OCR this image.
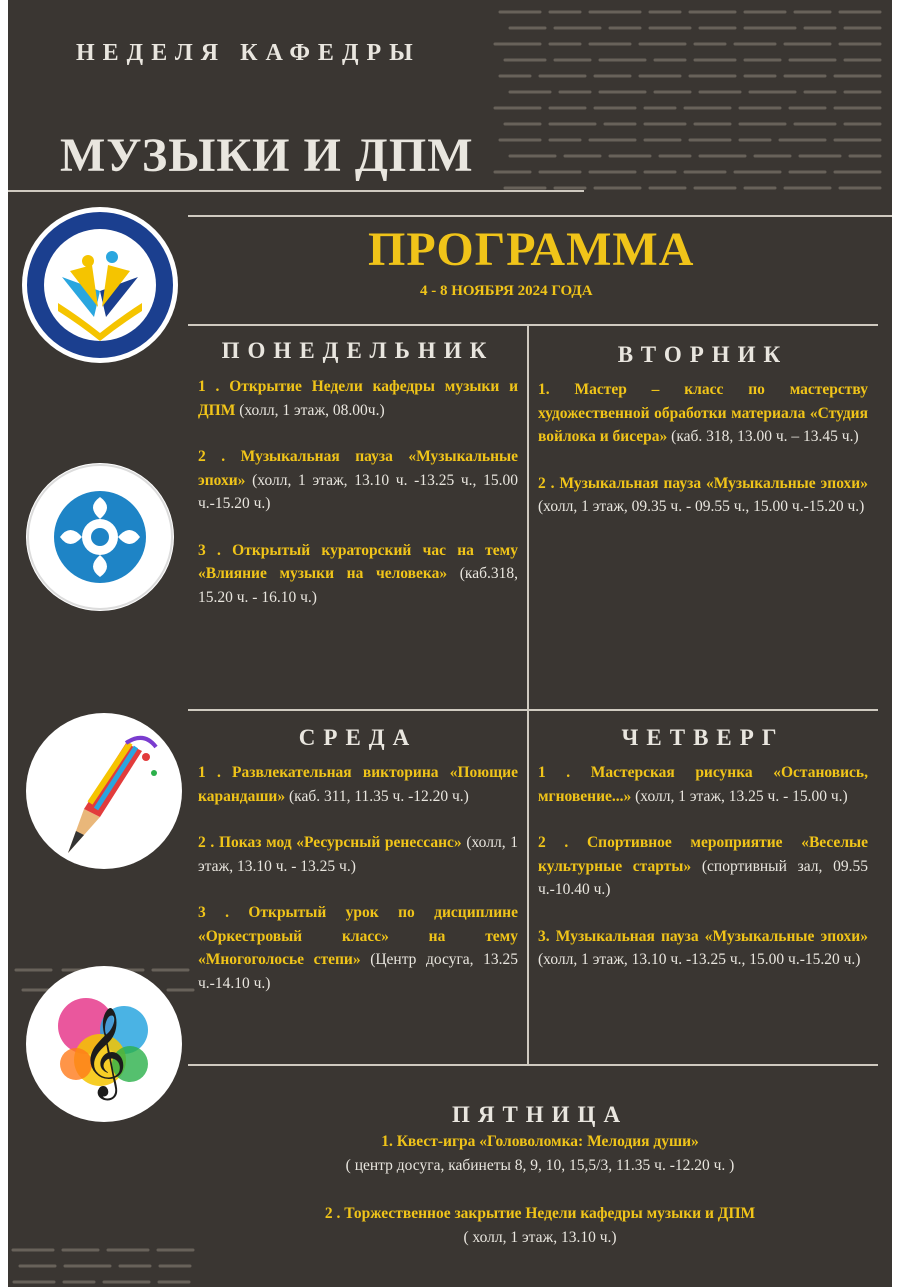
НЕДЕЛЯ КАФЕДРЫ
МУЗЫКИ И ДПМ
ПРОГРАММА
4 - 8 НОЯБРЯ 2024 ГОДА
𝄞
ПОНЕДЕЛЬНИК
1 . Открытие Недели кафедры музыки и ДПМ (холл, 1 этаж, 08.00ч.)
2 . Музыкальная пауза «Музыкальные эпохи» (холл, 1 этаж, 13.10 ч. -13.25 ч., 15.00 ч.-15.20 ч.)
3 . Открытый кураторский час на тему «Влияние музыки на человека» (каб.318, 15.20 ч. - 16.10 ч.)
ВТОРНИК
1. Мастер – класс по мастерству художественной обработки материала «Студия войлока и бисера» (каб. 318, 13.00 ч. – 13.45 ч.)
2 . Музыкальная пауза «Музыкальные эпохи» (холл, 1 этаж, 09.35 ч. - 09.55 ч., 15.00 ч.-15.20 ч.)
СРЕДА
1 . Развлекательная викторина «Поющие карандаши» (каб. 311, 11.35 ч. -12.20 ч.)
2 . Показ мод «Ресурсный ренессанс» (холл, 1 этаж, 13.10 ч. - 13.25 ч.)
3 . Открытый урок по дисциплине «Оркестровый класс» на тему «Многоголосье степи» (Центр досуга, 13.25 ч.-14.10 ч.)
ЧЕТВЕРГ
1 . Мастерская рисунка «Остановись, мгновение...» (холл, 1 этаж, 13.25 ч. - 15.00 ч.)
2 . Спортивное мероприятие «Веселые культурные старты» (спортивный зал, 09.55 ч.-10.40 ч.)
3. Музыкальная пауза «Музыкальные эпохи» (холл, 1 этаж, 13.10 ч. -13.25 ч., 15.00 ч.-15.20 ч.)
ПЯТНИЦА
1. Квест-игра «Головоломка: Мелодия души»
( центр досуга, кабинеты 8, 9, 10, 15,5/3, 11.35 ч. -12.20 ч. )
2 . Торжественное закрытие Недели кафедры музыки и ДПМ
( холл, 1 этаж, 13.10 ч.)
